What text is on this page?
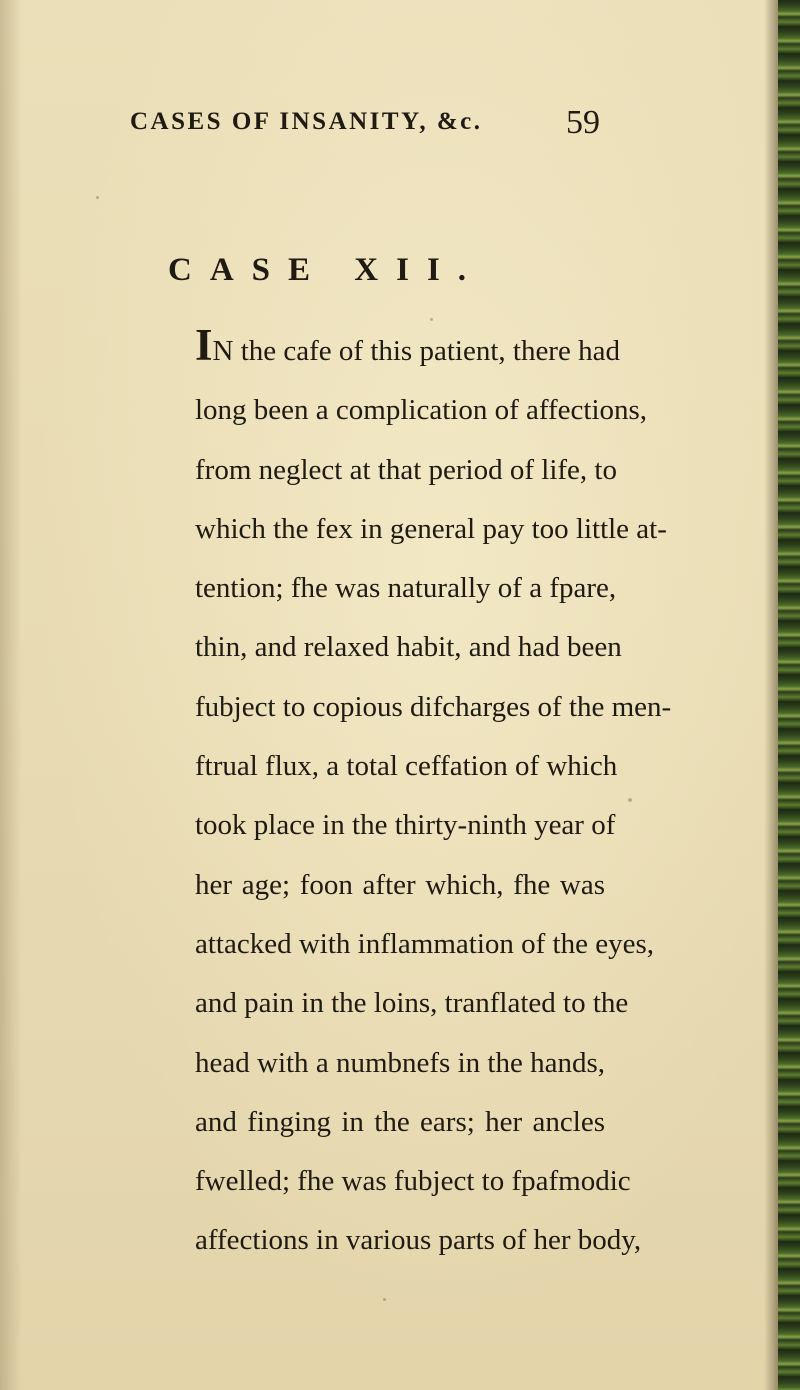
CASES OF INSANITY, &c. 59
CASE XII.
IN the cafe of this patient, there had
long been a complication of affections,
from neglect at that period of life, to
which the fex in general pay too little at-
tention; fhe was naturally of a fpare,
thin, and relaxed habit, and had been
fubject to copious difcharges of the men-
ftrual flux, a total ceffation of which
took place in the thirty-ninth year of
her age; foon after which, fhe was
attacked with inflammation of the eyes,
and pain in the loins, tranflated to the
head with a numbnefs in the hands,
and finging in the ears; her ancles
fwelled; fhe was fubject to fpafmodic
affections in various parts of her body,
